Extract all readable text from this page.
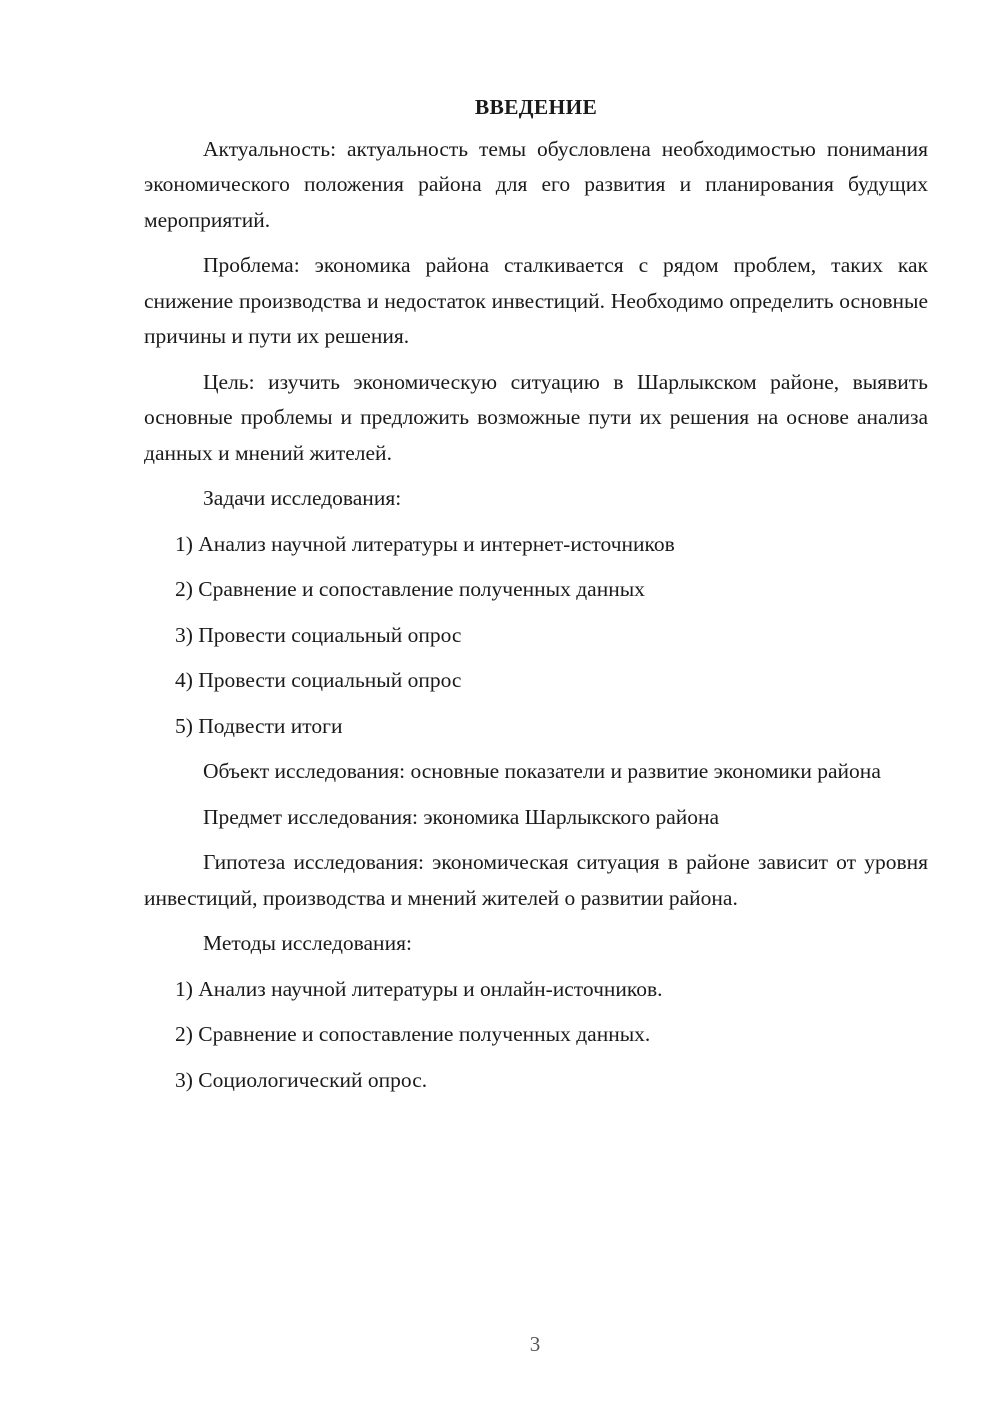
ВВЕДЕНИЕ

Актуальность: актуальность темы обусловлена необходимостью понимания экономического положения района для его развития и планирования будущих мероприятий.

Проблема: экономика района сталкивается с рядом проблем, таких как снижение производства и недостаток инвестиций. Необходимо определить основные причины и пути их решения.

Цель: изучить экономическую ситуацию в Шарлыкском районе, выявить основные проблемы и предложить возможные пути их решения на основе анализа данных и мнений жителей.

Задачи исследования:

1) Анализ научной литературы и интернет-источников

2) Сравнение и сопоставление полученных данных

3) Провести социальный опрос

4) Провести социальный опрос

5) Подвести итоги

Объект исследования: основные показатели и развитие экономики района

Предмет исследования: экономика Шарлыкского района

Гипотеза исследования: экономическая ситуация в районе зависит от уровня инвестиций, производства и мнений жителей о развитии района.

Методы исследования:

1) Анализ научной литературы и онлайн-источников.

2) Сравнение и сопоставление полученных данных.

3) Социологический опрос.

3
